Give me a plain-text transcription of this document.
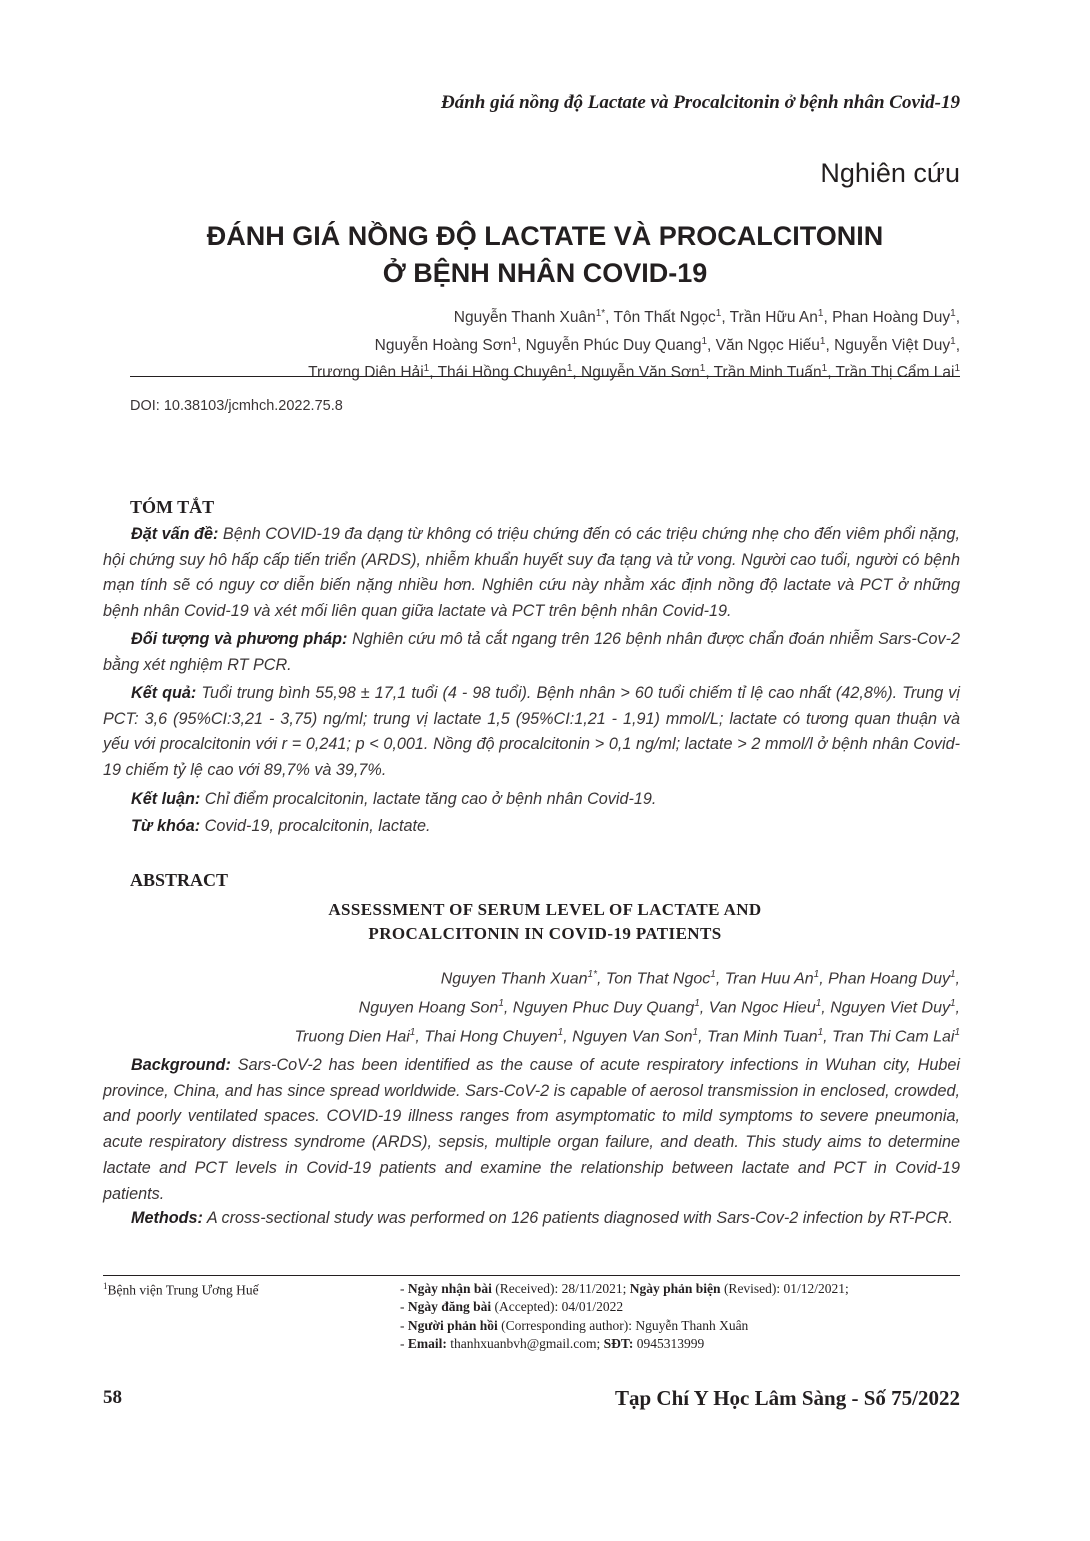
Đánh giá nồng độ Lactate và Procalcitonin ở bệnh nhân Covid-19
Nghiên cứu
ĐÁNH GIÁ NỒNG ĐỘ LACTATE VÀ PROCALCITONIN
Ở BỆNH NHÂN COVID-19
Nguyễn Thanh Xuân$^{1*}$, Tôn Thất Ngọc$^1$, Trần Hữu An$^1$, Phan Hoàng Duy$^1$,
Nguyễn Hoàng Sơn$^1$, Nguyễn Phúc Duy Quang$^1$, Văn Ngọc Hiếu$^1$, Nguyễn Việt Duy$^1$,
Trương Diên Hải$^1$, Thái Hồng Chuyên$^1$, Nguyễn Văn Sơn$^1$, Trần Minh Tuấn$^1$, Trần Thị Cẩm Lai$^1$
DOI: 10.38103/jcmhch.2022.75.8
TÓM TẮT
Đặt vấn đề: Bệnh COVID-19 đa dạng từ không có triệu chứng đến có các triệu chứng nhẹ cho đến viêm phổi nặng, hội chứng suy hô hấp cấp tiến triển (ARDS), nhiễm khuẩn huyết suy đa tạng và tử vong. Người cao tuổi, người có bệnh mạn tính sẽ có nguy cơ diễn biến nặng nhiều hơn. Nghiên cứu này nhằm xác định nồng độ lactate và PCT ở những bệnh nhân Covid-19 và xét mối liên quan giữa lactate và PCT trên bệnh nhân Covid-19.
Đối tượng và phương pháp: Nghiên cứu mô tả cắt ngang trên 126 bệnh nhân được chẩn đoán nhiễm Sars-Cov-2 bằng xét nghiệm RT PCR.
Kết quả: Tuổi trung bình 55,98 ± 17,1 tuổi (4 - 98 tuổi). Bệnh nhân > 60 tuổi chiếm tỉ lệ cao nhất (42,8%). Trung vị PCT: 3,6 (95%CI:3,21 - 3,75) ng/ml; trung vị lactate 1,5 (95%CI:1,21 - 1,91) mmol/L; lactate có tương quan thuận và yếu với procalcitonin với r = 0,241; p < 0,001. Nồng độ procalcitonin > 0,1 ng/ml; lactate > 2 mmol/l ở bệnh nhân Covid-19 chiếm tỷ lệ cao với 89,7% và 39,7%.
Kết luận: Chỉ điểm procalcitonin, lactate tăng cao ở bệnh nhân Covid-19.
Từ khóa: Covid-19, procalcitonin, lactate.
ABSTRACT
ASSESSMENT OF SERUM LEVEL OF LACTATE AND
PROCALCITONIN IN COVID-19 PATIENTS
Nguyen Thanh Xuan$^{1*}$, Ton That Ngoc$^1$, Tran Huu An$^1$, Phan Hoang Duy$^1$,
Nguyen Hoang Son$^1$, Nguyen Phuc Duy Quang$^1$, Van Ngoc Hieu$^1$, Nguyen Viet Duy$^1$,
Truong Dien Hai$^1$, Thai Hong Chuyen$^1$, Nguyen Van Son$^1$, Tran Minh Tuan$^1$, Tran Thi Cam Lai$^1$
Background: Sars-CoV-2 has been identified as the cause of acute respiratory infections in Wuhan city, Hubei province, China, and has since spread worldwide. Sars-CoV-2 is capable of aerosol transmission in enclosed, crowded, and poorly ventilated spaces. COVID-19 illness ranges from asymptomatic to mild symptoms to severe pneumonia, acute respiratory distress syndrome (ARDS), sepsis, multiple organ failure, and death. This study aims to determine lactate and PCT levels in Covid-19 patients and examine the relationship between lactate and PCT in Covid-19 patients.
Methods: A cross-sectional study was performed on 126 patients diagnosed with Sars-Cov-2 infection by RT-PCR.
$^1$Bệnh viện Trung Ương Huế	- Ngày nhận bài (Received): 28/11/2021; Ngày phản biện (Revised): 01/12/2021;
- Ngày đăng bài (Accepted): 04/01/2022
- Người phản hồi (Corresponding author): Nguyễn Thanh Xuân
- Email: thanhxuanbvh@gmail.com; SĐT: 0945313999
58	Tạp Chí Y Học Lâm Sàng - Số 75/2022
